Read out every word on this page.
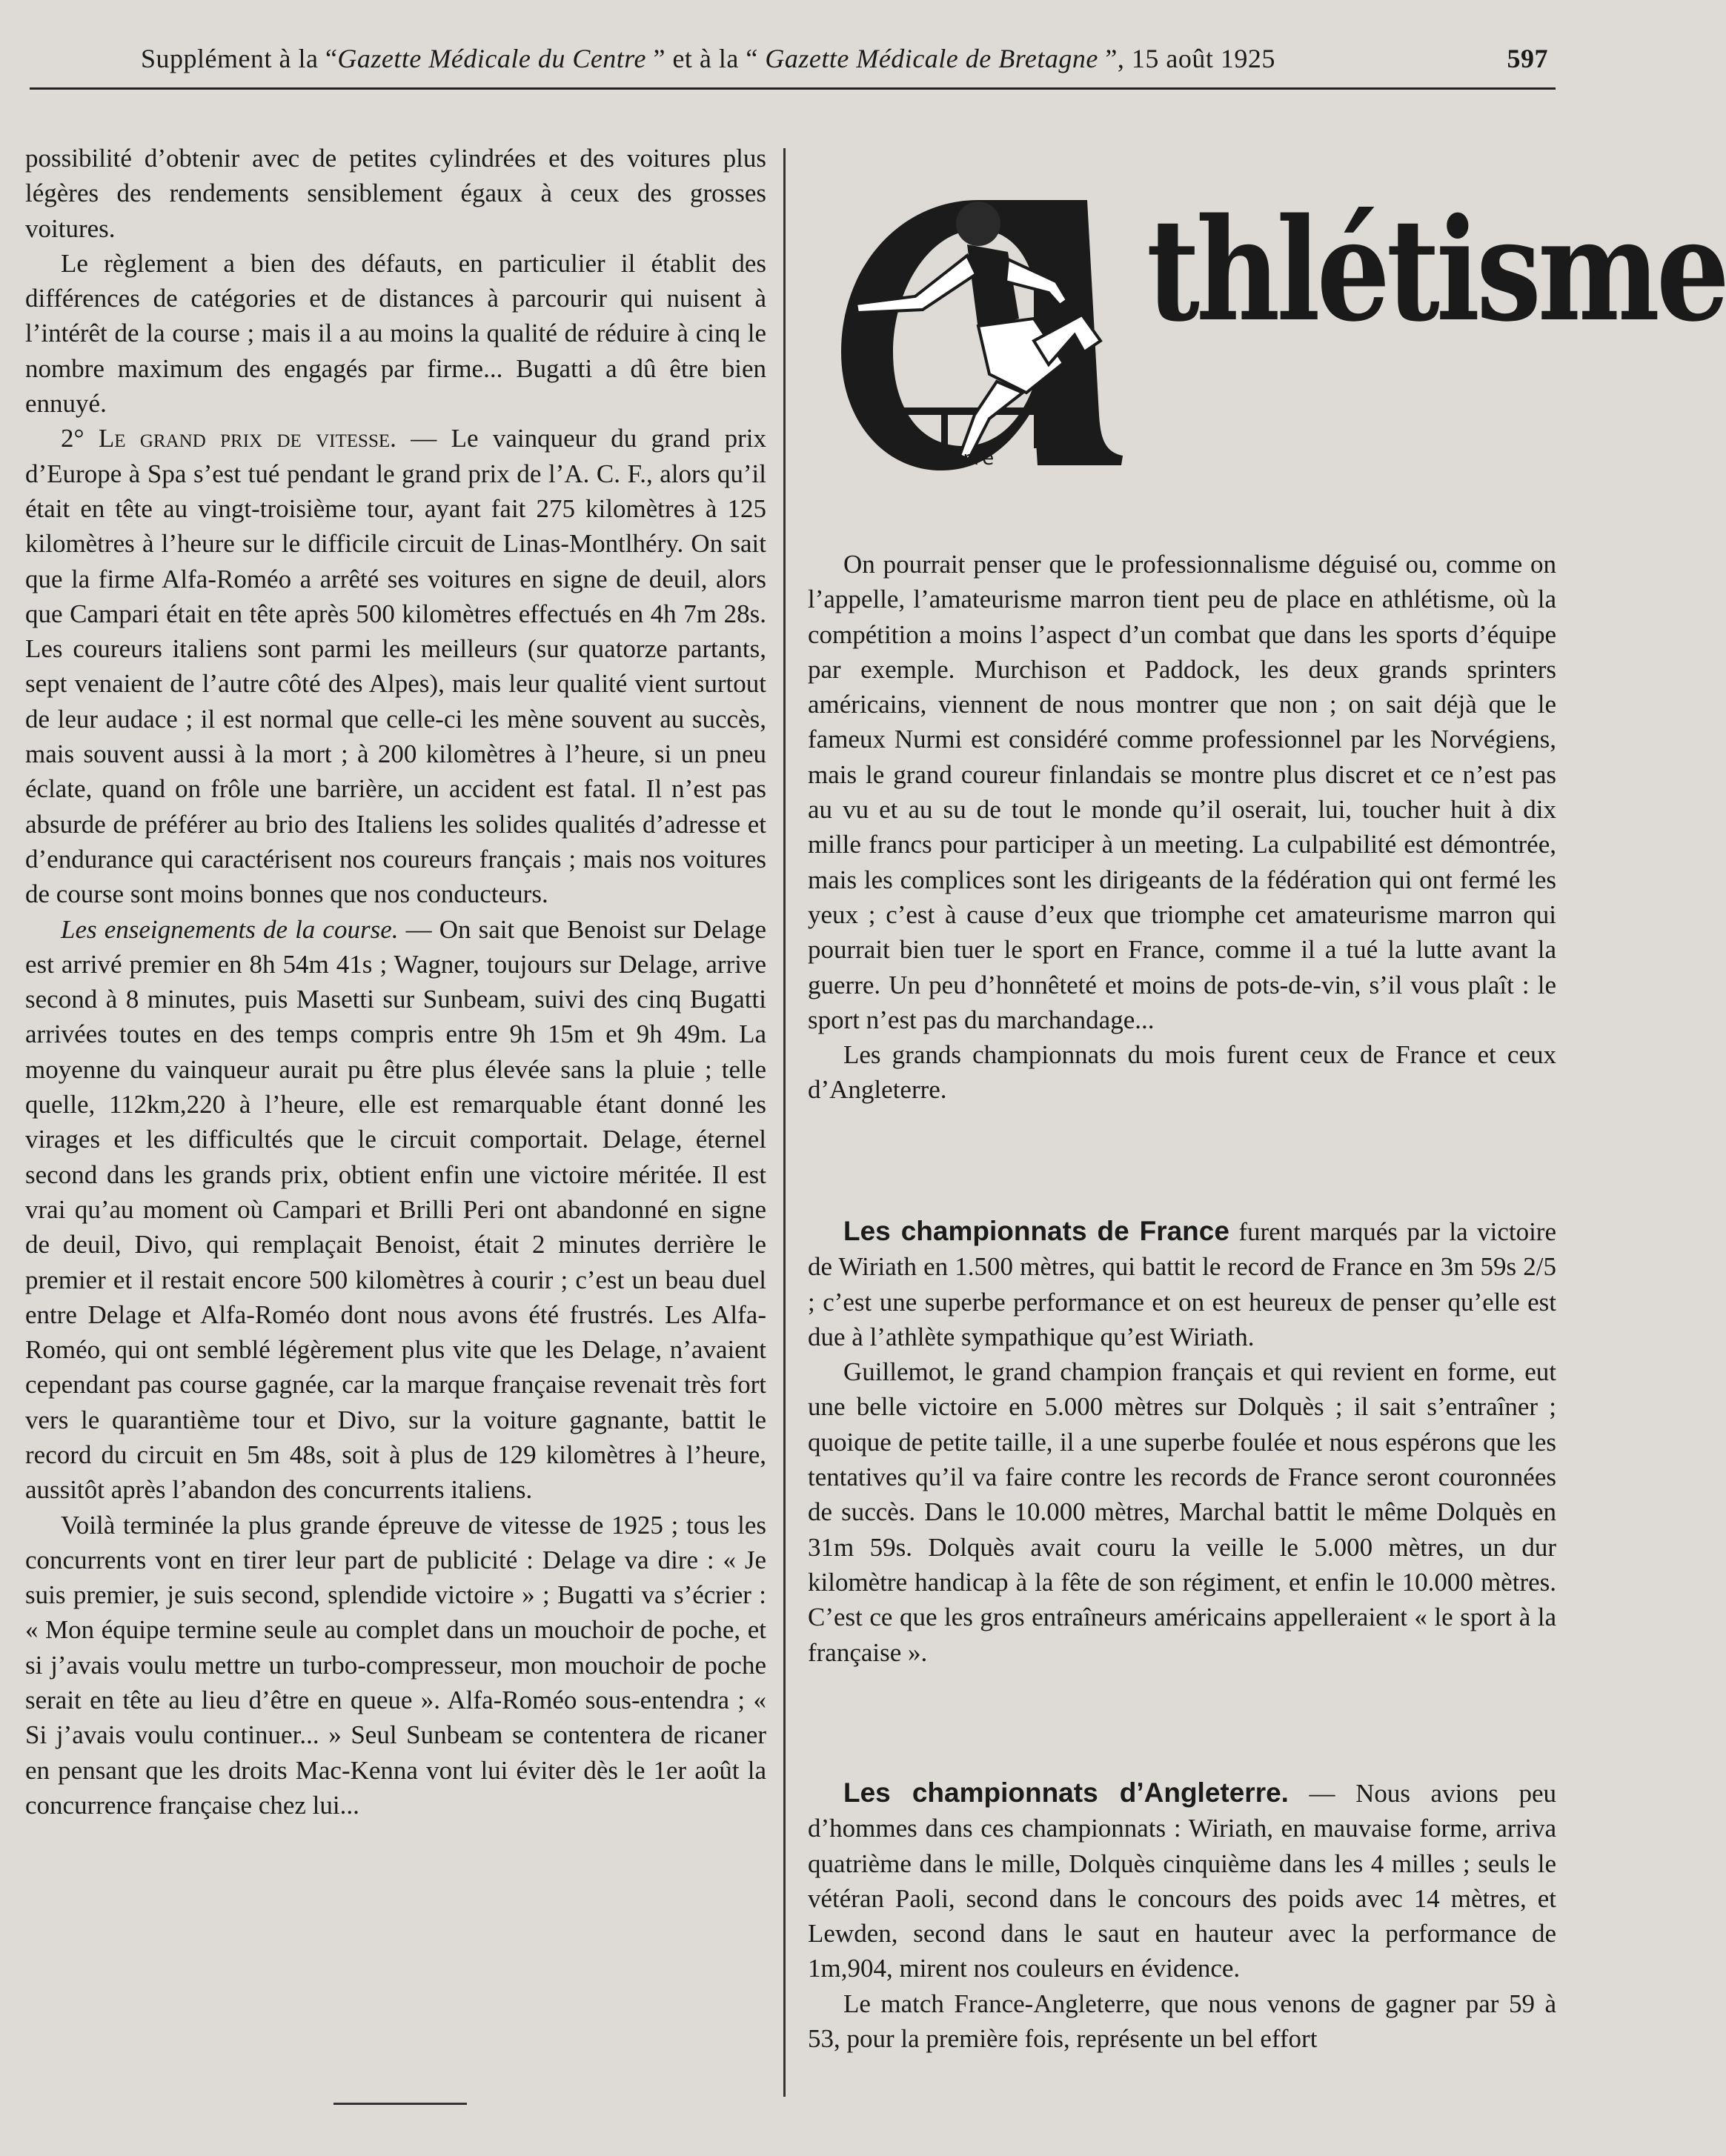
Supplément à la “Gazette Médicale du Centre ” et à la “ Gazette Médicale de Bretagne ”, 15 août 1925	597

possibilité d’obtenir avec de petites cylindrées et des voitures plus légères des rendements sensiblement égaux à ceux des grosses voitures.

Le règlement a bien des défauts, en particulier il établit des différences de catégories et de distances à parcourir qui nuisent à l’intérêt de la course ; mais il a au moins la qualité de réduire à cinq le nombre maximum des engagés par firme... Bugatti a dû être bien ennuyé.

2° Le grand prix de vitesse. — Le vainqueur du grand prix d’Europe à Spa s’est tué pendant le grand prix de l’A. C. F., alors qu’il était en tête au vingt-troisième tour, ayant fait 275 kilomètres à 125 kilomètres à l’heure sur le difficile circuit de Linas-Montlhéry. On sait que la firme Alfa-Roméo a arrêté ses voitures en signe de deuil, alors que Campari était en tête après 500 kilomètres effectués en 4h 7m 28s. Les coureurs italiens sont parmi les meilleurs (sur quatorze partants, sept venaient de l’autre côté des Alpes), mais leur qualité vient surtout de leur audace ; il est normal que celle-ci les mène souvent au succès, mais souvent aussi à la mort ; à 200 kilomètres à l’heure, si un pneu éclate, quand on frôle une barrière, un accident est fatal. Il n’est pas absurde de préférer au brio des Italiens les solides qualités d’adresse et d’endurance qui caractérisent nos coureurs français ; mais nos voitures de course sont moins bonnes que nos conducteurs.

Les enseignements de la course. — On sait que Benoist sur Delage est arrivé premier en 8h 54m 41s ; Wagner, toujours sur Delage, arrive second à 8 minutes, puis Masetti sur Sunbeam, suivi des cinq Bugatti arrivées toutes en des temps compris entre 9h 15m et 9h 49m. La moyenne du vainqueur aurait pu être plus élevée sans la pluie ; telle quelle, 112km,220 à l’heure, elle est remarquable étant donné les virages et les difficultés que le circuit comportait. Delage, éternel second dans les grands prix, obtient enfin une victoire méritée. Il est vrai qu’au moment où Campari et Brilli Peri ont abandonné en signe de deuil, Divo, qui remplaçait Benoist, était 2 minutes derrière le premier et il restait encore 500 kilomètres à courir ; c’est un beau duel entre Delage et Alfa-Roméo dont nous avons été frustrés. Les Alfa-Roméo, qui ont semblé légèrement plus vite que les Delage, n’avaient cependant pas course gagnée, car la marque française revenait très fort vers le quarantième tour et Divo, sur la voiture gagnante, battit le record du circuit en 5m 48s, soit à plus de 129 kilomètres à l’heure, aussitôt après l’abandon des concurrents italiens.

Voilà terminée la plus grande épreuve de vitesse de 1925 ; tous les concurrents vont en tirer leur part de publicité : Delage va dire : « Je suis premier, je suis second, splendide victoire » ; Bugatti va s’écrier : « Mon équipe termine seule au complet dans un mouchoir de poche, et si j’avais voulu mettre un turbo-compresseur, mon mouchoir de poche serait en tête au lieu d’être en queue ». Alfa-Roméo sous-entendra ; « Si j’avais voulu continuer... » Seul Sunbeam se contentera de ricaner en pensant que les droits Mac-Kenna vont lui éviter dès le 1er août la concurrence française chez lui...

thlétisme
Morlé

On pourrait penser que le professionnalisme déguisé ou, comme on l’appelle, l’amateurisme marron tient peu de place en athlétisme, où la compétition a moins l’aspect d’un combat que dans les sports d’équipe par exemple. Murchison et Paddock, les deux grands sprinters américains, viennent de nous montrer que non ; on sait déjà que le fameux Nurmi est considéré comme professionnel par les Norvégiens, mais le grand coureur finlandais se montre plus discret et ce n’est pas au vu et au su de tout le monde qu’il oserait, lui, toucher huit à dix mille francs pour participer à un meeting. La culpabilité est démontrée, mais les complices sont les dirigeants de la fédération qui ont fermé les yeux ; c’est à cause d’eux que triomphe cet amateurisme marron qui pourrait bien tuer le sport en France, comme il a tué la lutte avant la guerre. Un peu d’honnêteté et moins de pots-de-vin, s’il vous plaît : le sport n’est pas du marchandage...

Les grands championnats du mois furent ceux de France et ceux d’Angleterre.

Les championnats de France furent marqués par la victoire de Wiriath en 1.500 mètres, qui battit le record de France en 3m 59s 2/5 ; c’est une superbe performance et on est heureux de penser qu’elle est due à l’athlète sympathique qu’est Wiriath.

Guillemot, le grand champion français et qui revient en forme, eut une belle victoire en 5.000 mètres sur Dolquès ; il sait s’entraîner ; quoique de petite taille, il a une superbe foulée et nous espérons que les tentatives qu’il va faire contre les records de France seront couronnées de succès. Dans le 10.000 mètres, Marchal battit le même Dolquès en 31m 59s. Dolquès avait couru la veille le 5.000 mètres, un dur kilomètre handicap à la fête de son régiment, et enfin le 10.000 mètres. C’est ce que les gros entraîneurs américains appelleraient « le sport à la française ».

Les championnats d’Angleterre. — Nous avions peu d’hommes dans ces championnats : Wiriath, en mauvaise forme, arriva quatrième dans le mille, Dolquès cinquième dans les 4 milles ; seuls le vétéran Paoli, second dans le concours des poids avec 14 mètres, et Lewden, second dans le saut en hauteur avec la performance de 1m,904, mirent nos couleurs en évidence.

Le match France-Angleterre, que nous venons de gagner par 59 à 53, pour la première fois, représente un bel effort
